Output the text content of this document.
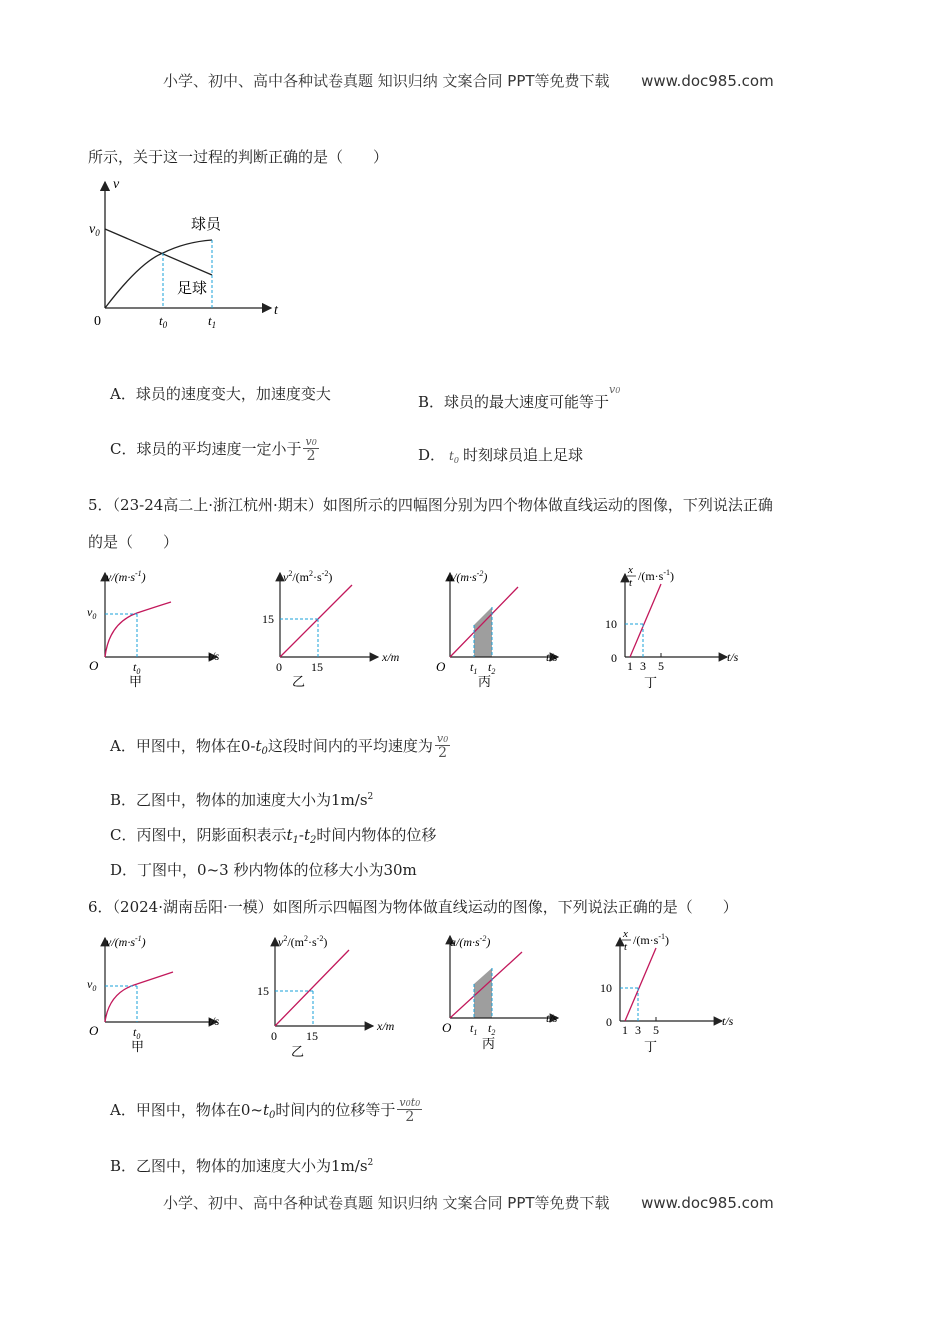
小学、初中、高中各种试卷真题 知识归纳 文案合同 PPT等免费下载 www.doc985.com
所示，关于这一过程的判断正确的是（　　）
v
t
0
$v_0$
$t_0$	$t_1$
球员
足球
A．球员的速度变大，加速度变大	B．球员的最大速度可能等于$^{v0}$
C．球员的平均速度一定小于 $\frac{v0}{2}$	D． $t_0$ 时刻球员追上足球
5．（23-24高二上·浙江杭州·期末）如图所示的四幅图分别为四个物体做直线运动的图像，下列说法正确
的是（　　）
$v/(m\cdot s^{-1})$
t/s
O
$v_0$
$t_0$
甲
$v^2/(m^2\cdot s^{-2})$
x/m
0
15
15
乙
$a/(m\cdot s^{-2})$
t/s
O $t_1$ $t_2$
丙
x
t $/(m\cdot s^{-1})$
t/s
0
10
1 3 5
丁
A．甲图中，物体在$0-t_0$这段时间内的平均速度为 $\frac{v0}{2}$
B．乙图中，物体的加速度大小为$1m/s^2$
C．丙图中，阴影面积表示$t_1-t_2$时间内物体的位移
D．丁图中，0~3 秒内物体的位移大小为30m
6．（2024·湖南岳阳·一模）如图所示四幅图为物体做直线运动的图像，下列说法正确的是（　　）
$v/(m\cdot s^{-1})$
t/s
O
$v_0$
$t_0$
甲
$v^2/(m^2\cdot s^{-2})$
x/m
0
15
15
乙
$a/(m\cdot s^{-2})$
t/s
O $t_1$ $t_2$
丙
x
t $/(m\cdot s^{-1})$
t/s
0
10
1 3 5
丁
A．甲图中，物体在$0\sim t_0$时间内的位移等于 $\frac{v0t0}{2}$
B．乙图中，物体的加速度大小为$1m/s^2$
小学、初中、高中各种试卷真题 知识归纳 文案合同 PPT等免费下载 www.doc985.com
